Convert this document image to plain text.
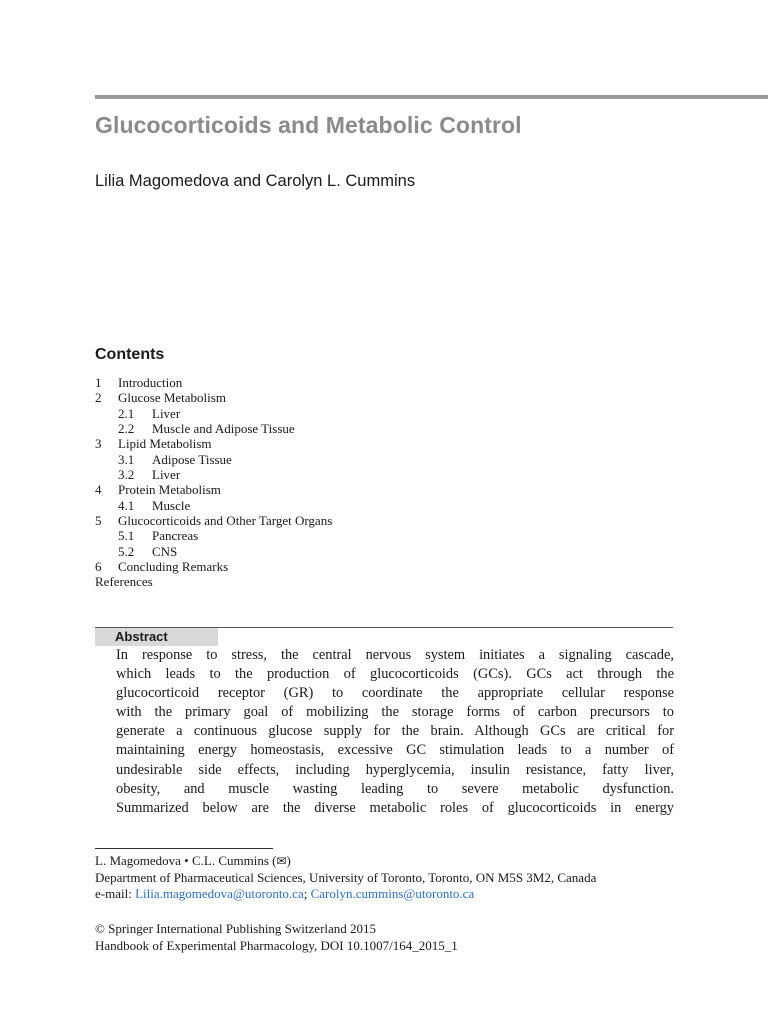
Glucocorticoids and Metabolic Control
Lilia Magomedova and Carolyn L. Cummins
Contents
1 Introduction
2 Glucose Metabolism
2.1 Liver
2.2 Muscle and Adipose Tissue
3 Lipid Metabolism
3.1 Adipose Tissue
3.2 Liver
4 Protein Metabolism
4.1 Muscle
5 Glucocorticoids and Other Target Organs
5.1 Pancreas
5.2 CNS
6 Concluding Remarks
References
Abstract
In response to stress, the central nervous system initiates a signaling cascade,
which leads to the production of glucocorticoids (GCs). GCs act through the
glucocorticoid receptor (GR) to coordinate the appropriate cellular response
with the primary goal of mobilizing the storage forms of carbon precursors to
generate a continuous glucose supply for the brain. Although GCs are critical for
maintaining energy homeostasis, excessive GC stimulation leads to a number of
undesirable side effects, including hyperglycemia, insulin resistance, fatty liver,
obesity, and muscle wasting leading to severe metabolic dysfunction.
Summarized below are the diverse metabolic roles of glucocorticoids in energy
L. Magomedova • C.L. Cummins (✉)
Department of Pharmaceutical Sciences, University of Toronto, Toronto, ON M5S 3M2, Canada
e-mail: Lilia.magomedova@utoronto.ca; Carolyn.cummins@utoronto.ca
© Springer International Publishing Switzerland 2015
Handbook of Experimental Pharmacology, DOI 10.1007/164_2015_1
